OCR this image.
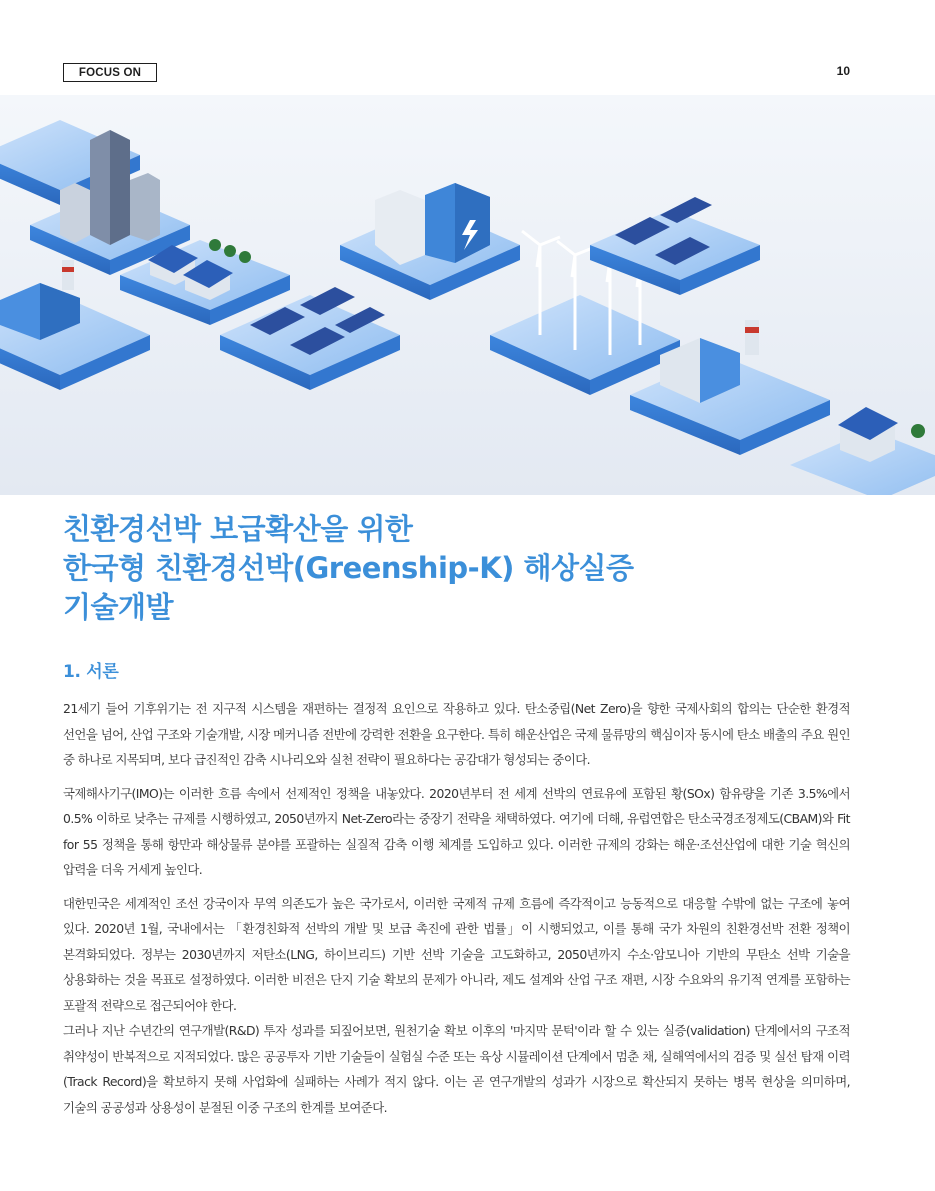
FOCUS ON	10
친환경선박 보급확산을 위한
한국형 친환경선박(Greenship-K) 해상실증
기술개발
1. 서론

21세기 들어 기후위기는 전 지구적 시스템을 재편하는 결정적 요인으로 작용하고 있다. 탄소중립(Net Zero)을 향한 국제사회의 합의는 단순한 환경적 선언을 넘어, 산업 구조와 기술개발, 시장 메커니즘 전반에 강력한 전환을 요구한다. 특히 해운산업은 국제 물류망의 핵심이자 동시에 탄소 배출의 주요 원인 중 하나로 지목되며, 보다 급진적인 감축 시나리오와 실천 전략이 필요하다는 공감대가 형성되는 중이다.

국제해사기구(IMO)는 이러한 흐름 속에서 선제적인 정책을 내놓았다. 2020년부터 전 세계 선박의 연료유에 포함된 황(SOx) 함유량을 기존 3.5%에서 0.5% 이하로 낮추는 규제를 시행하였고, 2050년까지 Net-Zero라는 중장기 전략을 채택하였다. 여기에 더해, 유럽연합은 탄소국경조정제도(CBAM)와 Fit for 55 정책을 통해 항만과 해상물류 분야를 포괄하는 실질적 감축 이행 체계를 도입하고 있다. 이러한 규제의 강화는 해운·조선산업에 대한 기술 혁신의 압력을 더욱 거세게 높인다.

대한민국은 세계적인 조선 강국이자 무역 의존도가 높은 국가로서, 이러한 국제적 규제 흐름에 즉각적이고 능동적으로 대응할 수밖에 없는 구조에 놓여 있다. 2020년 1월, 국내에서는 「환경친화적 선박의 개발 및 보급 촉진에 관한 법률」이 시행되었고, 이를 통해 국가 차원의 친환경선박 전환 정책이 본격화되었다. 정부는 2030년까지 저탄소(LNG, 하이브리드) 기반 선박 기술을 고도화하고, 2050년까지 수소·암모니아 기반의 무탄소 선박 기술을 상용화하는 것을 목표로 설정하였다. 이러한 비전은 단지 기술 확보의 문제가 아니라, 제도 설계와 산업 구조 재편, 시장 수요와의 유기적 연계를 포함하는 포괄적 전략으로 접근되어야 한다.

그러나 지난 수년간의 연구개발(R&D) 투자 성과를 되짚어보면, 원천기술 확보 이후의 '마지막 문턱'이라 할 수 있는 실증(validation) 단계에서의 구조적 취약성이 반복적으로 지적되었다. 많은 공공투자 기반 기술들이 실험실 수준 또는 육상 시뮬레이션 단계에서 멈춘 채, 실해역에서의 검증 및 실선 탑재 이력(Track Record)을 확보하지 못해 사업화에 실패하는 사례가 적지 않다. 이는 곧 연구개발의 성과가 시장으로 확산되지 못하는 병목 현상을 의미하며, 기술의 공공성과 상용성이 분절된 이중 구조의 한계를 보여준다.
